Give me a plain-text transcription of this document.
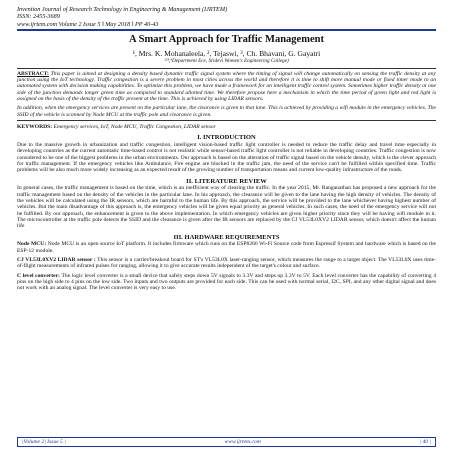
Invention Journal of Research Technology in Engineering & Management (IJRTEM)
ISSN: 2455-3689
www.ijrtem.com Volume 2 Issue 5 ǁ May 2018 ǁ PP 40-43
A Smart Approach for Traffic Management
¹, Mrs. K. Mohanaleela, ², Tejaswi, ³, Ch. Bhavani, G. Gayatri
¹²³,⁴Department Ece, Sridevi Women's Engineering College)

ABSTRACT: This paper is aimed at designing a density based dynamic traffic signal system where the timing of signal will change automatically on sensing the traffic density at any junction using the IoT technology. Traffic congestion is a severe problem in most cities across the world and therefore it is time to shift more manual mode or fixed timer mode to an automated system with decision making capabilities. To optimize this problem, we have made a framework for an intelligent traffic control system. Sometimes higher traffic density at one side of the junction demands longer green time as compared to standard allotted time. We therefore propose here a mechanism in which the time period of green light and red light is assigned on the basis of the density of the traffic present at the time. This is achieved by using LIDAR sensors.

In addition, when the emergency services are present on the particular lane, the clearance is given to that lane. This is achieved by providing a wifi module in the emergency vehicles. The SSID of the vehicle is scanned by Node MCU at the traffic pole and clearance is given.

KEYWORDS: Emergency services, IoT, Node MCU, Traffic Congestion, LIDAR sensor

I. INTRODUCTION

Due to the massive growth in urbanization and traffic congestion, intelligent vision-based traffic light controller is needed to reduce the traffic delay and travel time especially in developing countries as the current automatic time-based control is not realistic while sensor-based traffic light controller is not reliable in developing countries. Traffic congestion is now considered to be one of the biggest problems in the urban environments. Our approach is based on the alteration of traffic signal based on the vehicle density, which is the clever approach for traffic management. If the emergency vehicles like Ambulance, Fire engine are blocked in the traffic jam, the need of the service can't be fulfilled within specified time. Traffic problems will be also much more widely increasing as an expected result of the growing number of transportation means and current low-quality infrastructure of the roads.

II. LITERATURE REVIEW

In general cases, the traffic management is based on the time, which is an inefficient way of clearing the traffic. In the year 2015, Mr. Ranganathan has proposed a new approach for the traffic management based on the density of the vehicles in the particular lane. In his approach, the clearance will be given to the lane having the high density of vehicles. The density of the vehicles will be calculated using the IR sensors, which are harmful to the human life. By this approach, the service will be provided to the lane whichever having highest number of vehicles. But the main disadvantage of this approach is, the emergency vehicles will be given equal priority as general vehicles. In such cases, the need of the emergency service will not be fulfilled. By our approach, the enhancement is given to the above implementation. In which emergency vehicles are given higher priority since they will be having wifi module in it. The microcontroller at the traffic pole detects the SSID and the clearance is given after the IR sensors are replaced by the CJ VL53L0XV2 LIDAR sensor, which doesn't affect the human life

III. HARDWARE REQUIREMENTS

Node MCU: Node MCU is an open source IoT platform. It includes firmware which runs on the ESP8266 Wi-Fi Source code from Espressif System and hardware which is based on the ESP-12 module.

CJ VL53L0XV2 LIDAR sensor : This sensor is a carrier/breakout board for ST's VL53L0X laser-ranging sensor, which measures the range to a target object. The VL53L0X uses time-of-flight measurements of infrared pulses for ranging, allowing it to give accurate results independent of the target's colour and surface.

C level converter: The logic level converter is a small device that safely steps down 5V signals to 3.3V and steps up 3.3V to 5V. Each level converter has the capability of converting 4 pins on the high side to 4 pins on the low side. Two inputs and two outputs are provided for each side. This can be used with normal serial, I2C, SPI, and any other digital signal and does not work with an analog signal. The level converter is very easy to use.

|Volume 2| Issue 5 |	www.ijrtem.com	| 40 |
